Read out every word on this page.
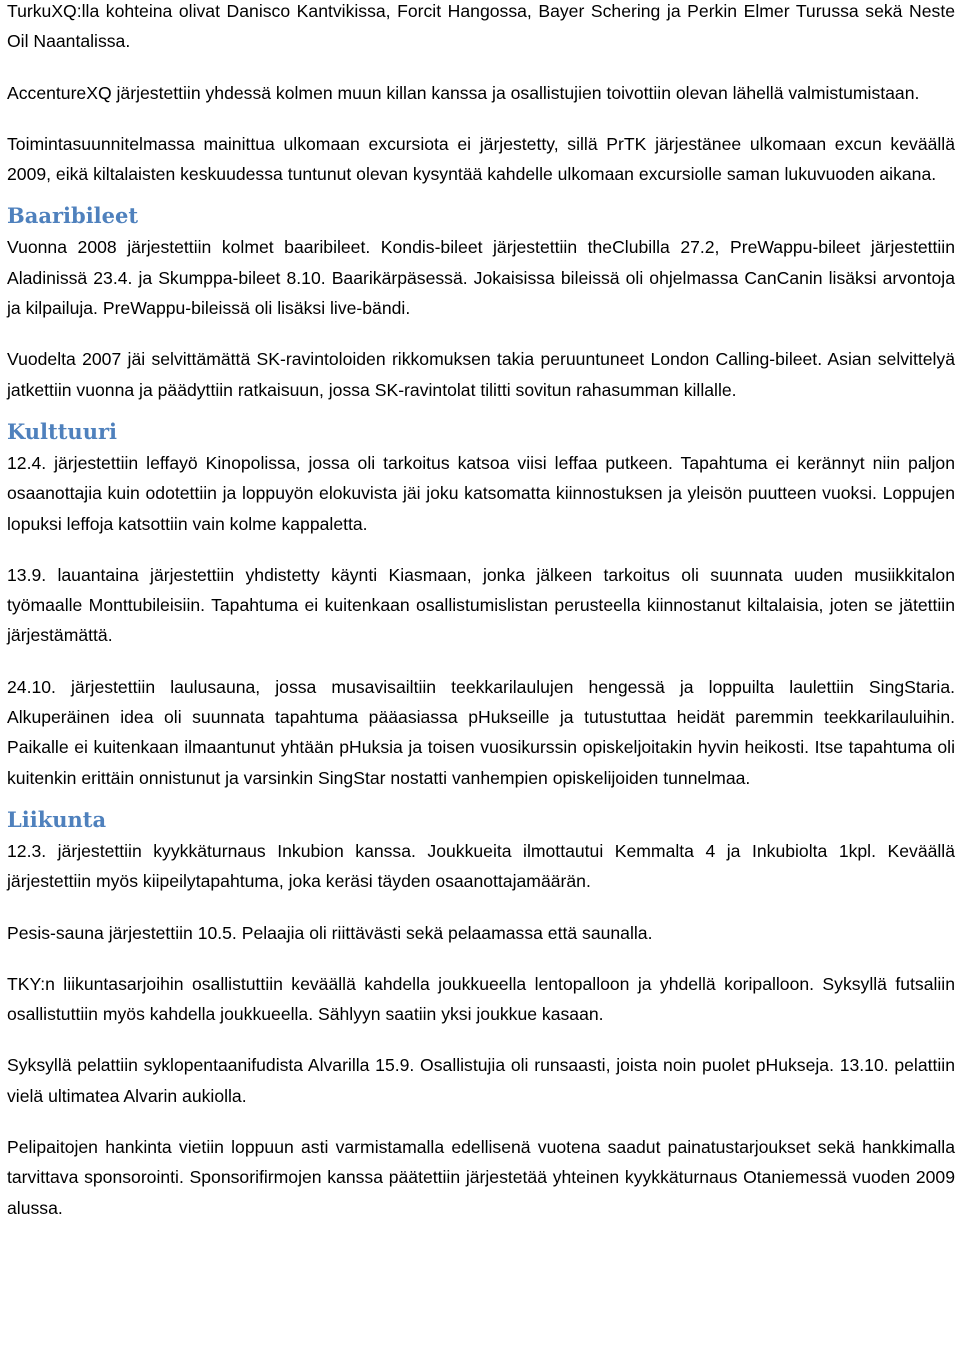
TurkuXQ:lla kohteina olivat Danisco Kantvikissa, Forcit Hangossa, Bayer Schering ja Perkin Elmer Turussa sekä Neste Oil Naantalissa.

AccentureXQ järjestettiin yhdessä kolmen muun killan kanssa ja osallistujien toivottiin olevan lähellä valmistumistaan.

Toimintasuunnitelmassa mainittua ulkomaan excursiota ei järjestetty, sillä PrTK järjestänee ulkomaan excun keväällä 2009, eikä kiltalaisten keskuudessa tuntunut olevan kysyntää kahdelle ulkomaan excursiolle saman lukuvuoden aikana.

Baaribileet

Vuonna 2008 järjestettiin kolmet baaribileet. Kondis-bileet järjestettiin theClubilla 27.2, PreWappu-bileet järjestettiin Aladinissä 23.4. ja Skumppa-bileet 8.10. Baarikärpäsessä. Jokaisissa bileissä oli ohjelmassa CanCanin lisäksi arvontoja ja kilpailuja. PreWappu-bileissä oli lisäksi live-bändi.

Vuodelta 2007 jäi selvittämättä SK-ravintoloiden rikkomuksen takia peruuntuneet London Calling-bileet. Asian selvittelyä jatkettiin vuonna ja päädyttiin ratkaisuun, jossa SK-ravintolat tilitti sovitun rahasumman killalle.

Kulttuuri

12.4. järjestettiin leffayö Kinopolissa, jossa oli tarkoitus katsoa viisi leffaa putkeen. Tapahtuma ei kerännyt niin paljon osaanottajia kuin odotettiin ja loppuyön elokuvista jäi joku katsomatta kiinnostuksen ja yleisön puutteen vuoksi. Loppujen lopuksi leffoja katsottiin vain kolme kappaletta.

13.9. lauantaina järjestettiin yhdistetty käynti Kiasmaan, jonka jälkeen tarkoitus oli suunnata uuden musiikkitalon työmaalle Monttubileisiin. Tapahtuma ei kuitenkaan osallistumislistan perusteella kiinnostanut kiltalaisia, joten se jätettiin järjestämättä.

24.10. järjestettiin laulusauna, jossa musavisailtiin teekkarilaulujen hengessä ja loppuilta laulettiin SingStaria. Alkuperäinen idea oli suunnata tapahtuma pääasiassa pHukseille ja tutustuttaa heidät paremmin teekkarilauluihin. Paikalle ei kuitenkaan ilmaantunut yhtään pHuksia ja toisen vuosikurssin opiskeljoitakin hyvin heikosti. Itse tapahtuma oli kuitenkin erittäin onnistunut ja varsinkin SingStar nostatti vanhempien opiskelijoiden tunnelmaa.

Liikunta

12.3. järjestettiin kyykkäturnaus Inkubion kanssa. Joukkueita ilmottautui Kemmalta 4 ja Inkubiolta 1kpl. Keväällä järjestettiin myös kiipeilytapahtuma, joka keräsi täyden osaanottajamäärän.

Pesis-sauna järjestettiin 10.5. Pelaajia oli riittävästi sekä pelaamassa että saunalla.

TKY:n liikuntasarjoihin osallistuttiin keväällä kahdella joukkueella lentopalloon ja yhdellä koripalloon. Syksyllä futsaliin osallistuttiin myös kahdella joukkueella. Sählyyn saatiin yksi joukkue kasaan.

Syksyllä pelattiin syklopentaanifudista Alvarilla 15.9. Osallistujia oli runsaasti, joista noin puolet pHukseja. 13.10. pelattiin vielä ultimatea Alvarin aukiolla.

Pelipaitojen hankinta vietiin loppuun asti varmistamalla edellisenä vuotena saadut painatustarjoukset sekä hankkimalla tarvittava sponsorointi. Sponsorifirmojen kanssa päätettiin järjestetää yhteinen kyykkäturnaus Otaniemessä vuoden 2009 alussa.
